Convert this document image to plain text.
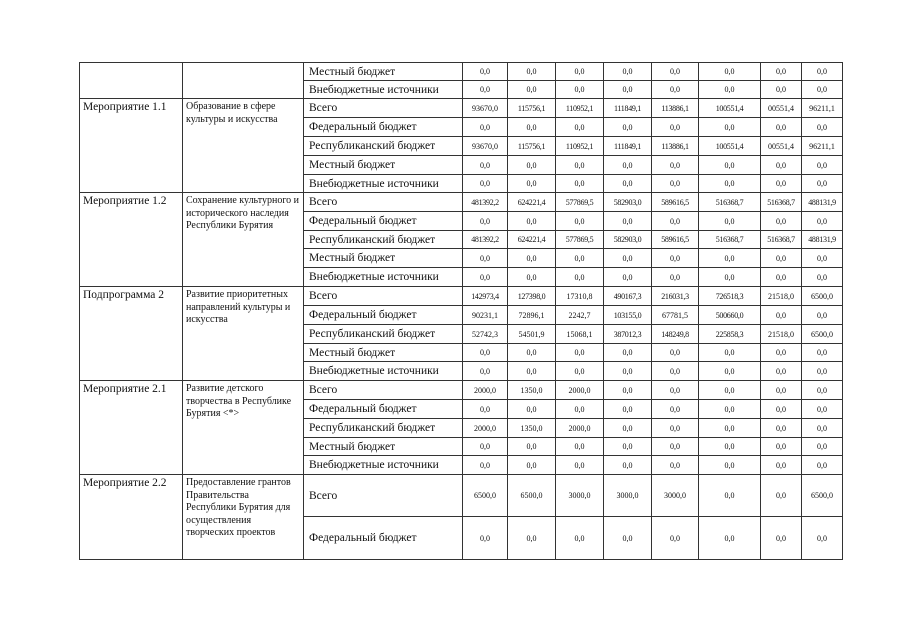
		Местный бюджет	0,0	0,0	0,0	0,0	0,0	0,0	0,0	0,0
		Внебюджетные источники	0,0	0,0	0,0	0,0	0,0	0,0	0,0	0,0
Мероприятие 1.1	Образование в сфере культуры и искусства	Всего	93670,0	115756,1	110952,1	111849,1	113886,1	100551,4	00551,4	96211,1
		Федеральный бюджет	0,0	0,0	0,0	0,0	0,0	0,0	0,0	0,0
		Республиканский бюджет	93670,0	115756,1	110952,1	111849,1	113886,1	100551,4	00551,4	96211,1
		Местный бюджет	0,0	0,0	0,0	0,0	0,0	0,0	0,0	0,0
		Внебюджетные источники	0,0	0,0	0,0	0,0	0,0	0,0	0,0	0,0
Мероприятие 1.2	Сохранение культурного и исторического наследия Республики Бурятия	Всего	481392,2	624221,4	577869,5	582903,0	589616,5	516368,7	516368,7	488131,9
		Федеральный бюджет	0,0	0,0	0,0	0,0	0,0	0,0	0,0	0,0
		Республиканский бюджет	481392,2	624221,4	577869,5	582903,0	589616,5	516368,7	516368,7	488131,9
		Местный бюджет	0,0	0,0	0,0	0,0	0,0	0,0	0,0	0,0
		Внебюджетные источники	0,0	0,0	0,0	0,0	0,0	0,0	0,0	0,0
Подпрограмма 2	Развитие приоритетных направлений культуры и искусства	Всего	142973,4	127398,0	17310,8	490167,3	216031,3	726518,3	21518,0	6500,0
		Федеральный бюджет	90231,1	72896,1	2242,7	103155,0	67781,5	500660,0	0,0	0,0
		Республиканский бюджет	52742,3	54501,9	15068,1	387012,3	148249,8	225858,3	21518,0	6500,0
		Местный бюджет	0,0	0,0	0,0	0,0	0,0	0,0	0,0	0,0
		Внебюджетные источники	0,0	0,0	0,0	0,0	0,0	0,0	0,0	0,0
Мероприятие 2.1	Развитие детского творчества в Республике Бурятия <*>	Всего	2000,0	1350,0	2000,0	0,0	0,0	0,0	0,0	0,0
		Федеральный бюджет	0,0	0,0	0,0	0,0	0,0	0,0	0,0	0,0
		Республиканский бюджет	2000,0	1350,0	2000,0	0,0	0,0	0,0	0,0	0,0
		Местный бюджет	0,0	0,0	0,0	0,0	0,0	0,0	0,0	0,0
		Внебюджетные источники	0,0	0,0	0,0	0,0	0,0	0,0	0,0	0,0
Мероприятие 2.2	Предоставление грантов Правительства Республики Бурятия для осуществления творческих проектов	Всего	6500,0	6500,0	3000,0	3000,0	3000,0	0,0	0,0	6500,0
		Федеральный бюджет	0,0	0,0	0,0	0,0	0,0	0,0	0,0	0,0
